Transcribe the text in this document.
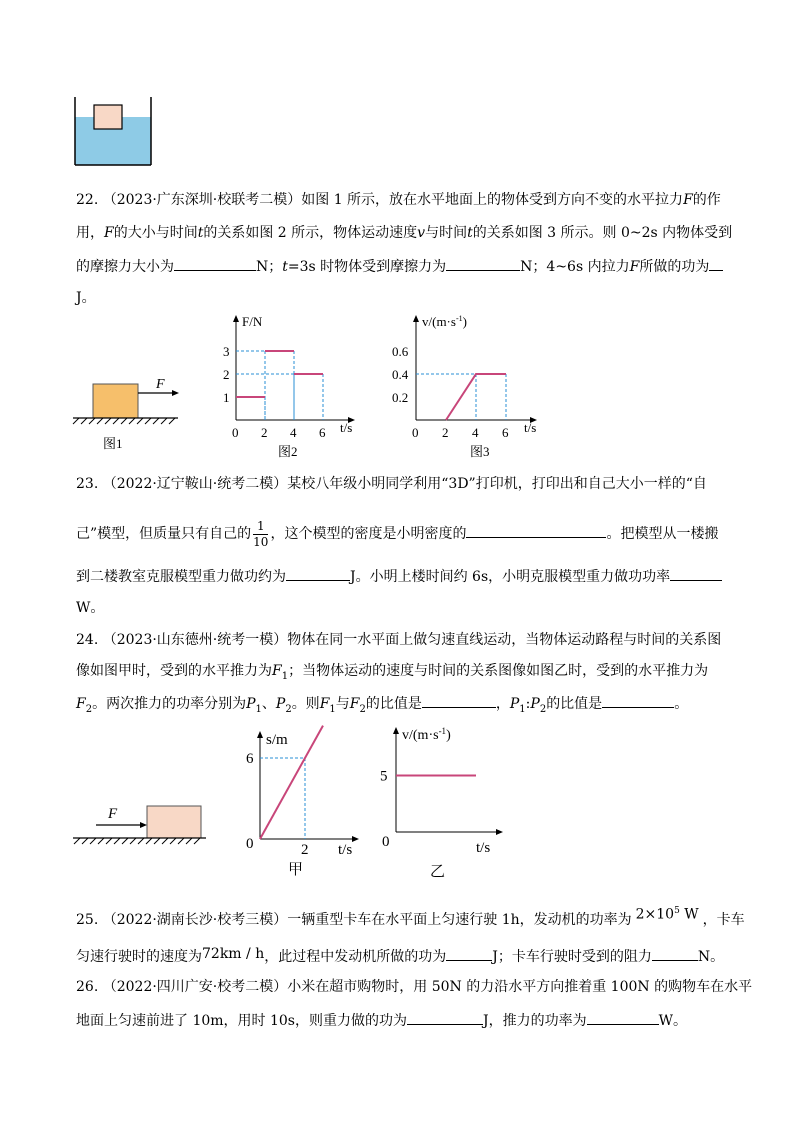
22. （2023·广东深圳·校联考二模）如图 1 所示，放在水平地面上的物体受到方向不变的水平拉力F的作
用，F的大小与时间t的关系如图 2 所示，物体运动速度v与时间t的关系如图 3 所示。则 0~2s 内物体受到
的摩擦力大小为	N；t=3s 时物体受到摩擦力为	N；4~6s 内拉力F所做的功为
J。
F
图1
F/N
t/s
3
2
1
0 2 4 6
图2
$v/(m\cdot s^{-1})$
t/s
0.6
0.4
0.2
0 2 4 6
图3
23. （2022·辽宁鞍山·统考二模）某校八年级小明同学利用“3D”打印机，打印出和自己大小一样的“自
己”模型，但质量只有自己的 $\frac{1}{10}$ ，这个模型的密度是小明密度的	。把模型从一楼搬
到二楼教室克服模型重力做功约为	J。小明上楼时间约 6s，小明克服模型重力做功功率
W。
24. （2023·山东德州·统考一模）物体在同一水平面上做匀速直线运动，当物体运动路程与时间的关系图
像如图甲时，受到的水平推力为$F_1$；当物体运动的速度与时间的关系图像如图乙时，受到的水平推力为
$F_2$。两次推力的功率分别为$P_1$、$P_2$。则$F_1$与$F_2$的比值是	，$P_1:P_2$的比值是	。
F
s/m
t/s
0
6
2
甲
$v/(m\cdot s^{-1})$
t/s
0
5
乙
25. （2022·湖南长沙·校考三模）一辆重型卡车在水平面上匀速行驶 1h，发动机的功率为 $2\times 10^5$ W ，卡车
匀速行驶时的速度为72km / h，此过程中发动机所做的功为	J；卡车行驶时受到的阻力	N。
26. （2022·四川广安·校考二模）小米在超市购物时，用 50N 的力沿水平方向推着重 100N 的购物车在水平
地面上匀速前进了 10m，用时 10s，则重力做的功为	J，推力的功率为	W。
